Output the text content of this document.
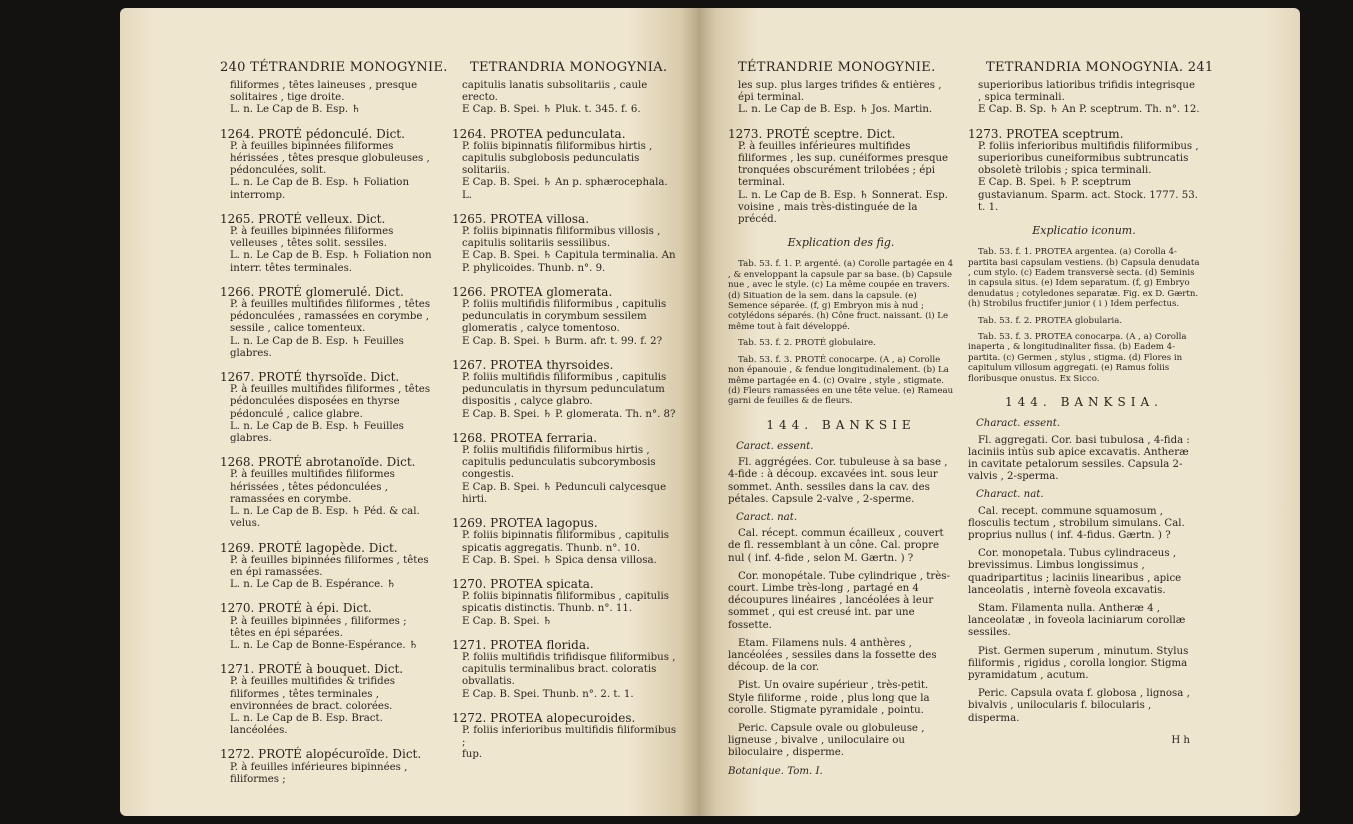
240 TÉTRANDRIE MONOGYNIE. TETRANDRIA MONOGYNIA.

filiformes , têtes laineuses , presque solitaires , tige droite.

L. n. Le Cap de B. Esp. ♄

1264. PROTÉ pédonculé. Dict.

P. à feuilles bipinnées filiformes hérissées , têtes presque globuleuses , pédonculées, solit.

L. n. Le Cap de B. Esp. ♄ Foliation interromp.

1265. PROTÉ velleux. Dict.

P. à feuilles bipinnées filiformes velleuses , têtes solit. sessiles.

L. n. Le Cap de B. Esp. ♄ Foliation non interr. têtes terminales.

1266. PROTÉ glomerulé. Dict.

P. à feuilles multifides filiformes , têtes pédonculées , ramassées en corymbe , sessile , calice tomenteux.

L. n. Le Cap de B. Esp. ♄ Feuilles glabres.

1267. PROTÉ thyrsoïde. Dict.

P. à feuilles multifides filiformes , têtes pédonculées disposées en thyrse pédonculé , calice glabre.

L. n. Le Cap de B. Esp. ♄ Feuilles glabres.

1268. PROTÉ abrotanoïde. Dict.

P. à feuilles multifides filiformes hérissées , têtes pédonculées , ramassées en corymbe.

L. n. Le Cap de B. Esp. ♄ Péd. & cal. velus.

1269. PROTÉ lagopède. Dict.

P. à feuilles bipinnées filiformes , têtes en épi ramassées.

L. n. Le Cap de B. Espérance. ♄

1270. PROTÉ à épi. Dict.

P. à feuilles bipinnées , filiformes ; têtes en épi séparées.

L. n. Le Cap de Bonne-Espérance. ♄

1271. PROTÉ à bouquet. Dict.

P. à feuilles multifides & trifides filiformes , têtes terminales , environnées de bract. colorées.

L. n. Le Cap de B. Esp. Bract. lancéolées.

1272. PROTÉ alopécuroïde. Dict.

P. à feuilles inférieures bipinnées , filiformes ;

capitulis lanatis subsolitariis , caule erecto.

E Cap. B. Spei. ♄ Pluk. t. 345. f. 6.

1264. PROTEA pedunculata.

P. foliis bipinnatis filiformibus hirtis , capitulis subglobosis pedunculatis solitariis.

E Cap. B. Spei. ♄ An p. sphærocephala. L.

1265. PROTEA villosa.

P. foliis bipinnatis filiformibus villosis , capitulis solitariis sessilibus.

E Cap. B. Spei. ♄ Capitula terminalia. An P. phylicoides. Thunb. n°. 9.

1266. PROTEA glomerata.

P. foliis multifidis filiformibus , capitulis pedunculatis in corymbum sessilem glomeratis , calyce tomentoso.

E Cap. B. Spei. ♄ Burm. afr. t. 99. f. 2?

1267. PROTEA thyrsoides.

P. foliis multifidis filiformibus , capitulis pedunculatis in thyrsum pedunculatum dispositis , calyce glabro.

E Cap. B. Spei. ♄ P. glomerata. Th. n°. 8?

1268. PROTEA ferraria.

P. foliis multifidis filiformibus hirtis , capitulis pedunculatis subcorymbosis congestis.

E Cap. B. Spei. ♄ Pedunculi calycesque hirti.

1269. PROTEA lagopus.

P. foliis bipinnatis filiformibus , capitulis spicatis aggregatis. Thunb. n°. 10.

E Cap. B. Spei. ♄ Spica densa villosa.

1270. PROTEA spicata.

P. foliis bipinnatis filiformibus , capitulis spicatis distinctis. Thunb. n°. 11.

E Cap. B. Spei. ♄

1271. PROTEA florida.

P. foliis multifidis trifidisque filiformibus , capitulis terminalibus bract. coloratis obvallatis.

E Cap. B. Spei. Thunb. n°. 2. t. 1.

1272. PROTEA alopecuroides.

P. foliis inferioribus multifidis filiformibus ;

fup.

TÉTRANDRIE MONOGYNIE.	TETRANDRIA MONOGYNIA. 241

les sup. plus larges trifides & entières , épi terminal.

L. n. Le Cap de B. Esp. ♄ Jos. Martin.

1273. PROTÉ sceptre. Dict.

P. à feuilles inférieures multifides filiformes , les sup. cunéiformes presque tronquées obscurément trilobées ; épi terminal.

L. n. Le Cap de B. Esp. ♄ Sonnerat. Esp. voisine , mais très-distinguée de la précéd.

Explication des fig.

Tab. 53. f. 1. P. argenté. (a) Corolle partagée en 4 , & enveloppant la capsule par sa base. (b) Capsule nue , avec le style. (c) La même coupée en travers. (d) Situation de la sem. dans la capsule. (e) Semence séparée. (f, g) Embryon mis à nud ; cotylédons séparés. (h) Cône fruct. naissant. (i) Le même tout à fait développé.

Tab. 53. f. 2. PROTÉ globulaire.

Tab. 53. f. 3. PROTÉ conocarpe. (A , a) Corolle non épanouie , & fendue longitudinalement. (b) La même partagée en 4. (c) Ovaire , style , stigmate. (d) Fleurs ramassées en une tête velue. (e) Rameau garni de feuilles & de fleurs.

144. BANKSIE
Caract. essent.

Fl. aggrégées. Cor. tubuleuse à sa base , 4-fide : à découp. excavées int. sous leur sommet. Anth. sessiles dans la cav. des pétales. Capsule 2-valve , 2-sperme.

Caract. nat.

Cal. récept. commun écailleux , couvert de fl. ressemblant à un cône. Cal. propre nul ( inf. 4-fide , selon M. Gærtn. ) ?

Cor. monopétale. Tube cylindrique , très-court. Limbe très-long , partagé en 4 découpures linéaires , lancéolées à leur sommet , qui est creusé int. par une fossette.

Etam. Filamens nuls. 4 anthères , lancéolées , sessiles dans la fossette des découp. de la cor.

Pist. Un ovaire supérieur , très-petit. Style filiforme , roide , plus long que la corolle. Stigmate pyramidale , pointu.

Peric. Capsule ovale ou globuleuse , ligneuse , bivalve , uniloculaire ou biloculaire , disperme.

Botanique. Tom. I.

superioribus latioribus trifidis integrisque , spica terminali.

E Cap. B. Sp. ♄ An P. sceptrum. Th. n°. 12.

1273. PROTEA sceptrum.

P. foliis inferioribus multifidis filiformibus , superioribus cuneiformibus subtruncatis obsoletè trilobis ; spica terminali.

E Cap. B. Spei. ♄ P. sceptrum gustavianum. Sparm. act. Stock. 1777. 53. t. 1.

Explicatio iconum.

Tab. 53. f. 1. PROTEA argentea. (a) Corolla 4-partita basi capsulam vestiens. (b) Capsula denudata , cum stylo. (c) Eadem transversè secta. (d) Seminis in capsula situs. (e) Idem separatum. (f, g) Embryo denudatus ; cotyledones separatæ. Fig. ex D. Gærtn. (h) Strobilus fructifer junior ( i ) Idem perfectus.

Tab. 53. f. 2. PROTEA globularia.

Tab. 53. f. 3. PROTEA conocarpa. (A , a) Corolla inaperta , & longitudinaliter fissa. (b) Eadem 4-partita. (c) Germen , stylus , stigma. (d) Flores in capitulum villosum aggregati. (e) Ramus foliis floribusque onustus. Ex Sicco.

144. BANKSIA.
Charact. essent.

Fl. aggregati. Cor. basi tubulosa , 4-fida : laciniis intùs sub apice excavatis. Antheræ in cavitate petalorum sessiles. Capsula 2-valvis , 2-sperma.

Charact. nat.

Cal. recept. commune squamosum , flosculis tectum , strobilum simulans. Cal. proprius nullus ( inf. 4-fidus. Gærtn. ) ?

Cor. monopetala. Tubus cylindraceus , brevissimus. Limbus longissimus , quadripartitus ; laciniis linearibus , apice lanceolatis , internè foveola excavatis.

Stam. Filamenta nulla. Antheræ 4 , lanceolatæ , in foveola laciniarum corollæ sessiles.

Pist. Germen superum , minutum. Stylus filiformis , rigidus , corolla longior. Stigma pyramidatum , acutum.

Peric. Capsula ovata f. globosa , lignosa , bivalvis , unilocularis f. bilocularis , disperma.

H h
